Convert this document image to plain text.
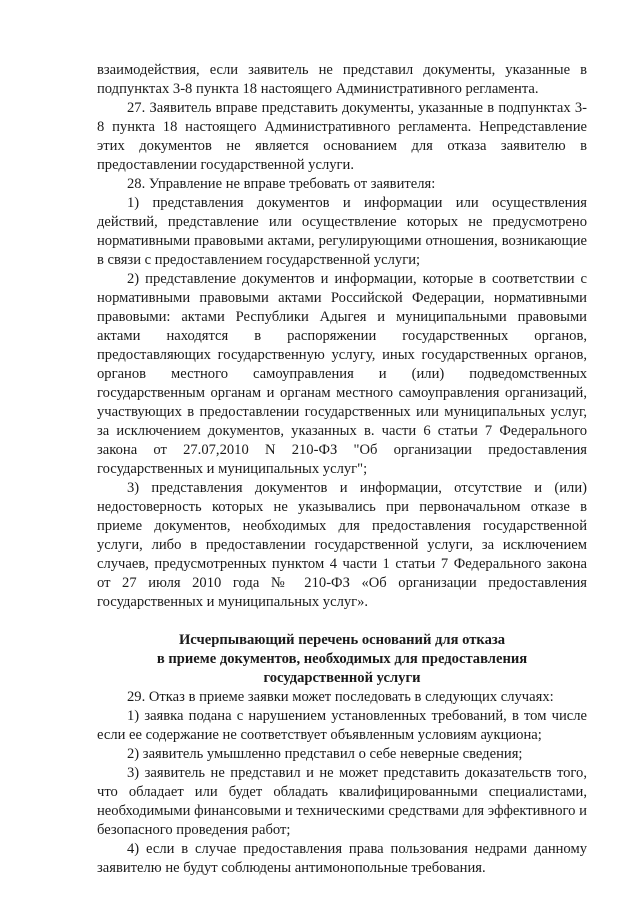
взаимодействия, если заявитель не представил документы, указанные в подпунктах 3-8 пункта 18 настоящего Административного регламента.

27. Заявитель вправе представить документы, указанные в подпунктах 3-8 пункта 18 настоящего Административного регламента. Непредставление этих документов не является основанием для отказа заявителю в предоставлении государственной услуги.

28. Управление не вправе требовать от заявителя:

1) представления документов и информации или осуществления действий, представление или осуществление которых не предусмотрено нормативными правовыми актами, регулирующими отношения, возникающие в связи с предоставлением государственной услуги;

2) представление документов и информации, которые в соответствии с нормативными правовыми актами Российской Федерации, нормативными правовыми: актами Республики Адыгея и муниципальными правовыми актами находятся в распоряжении государственных органов, предоставляющих государственную услугу, иных государственных органов, органов местного самоуправления и (или) подведомственных государственным органам и органам местного самоуправления организаций, участвующих в предоставлении государственных или муниципальных услуг, за исключением документов, указанных в. части 6 статьи 7 Федерального закона от 27.07,2010 N 210-ФЗ "Об организации предоставления государственных и муниципальных услуг";

3) представления документов и информации, отсутствие и (или) недостоверность которых не указывались при первоначальном отказе в приеме документов, необходимых для предоставления государственной услуги, либо в предоставлении государственной услуги, за исключением случаев, предусмотренных пунктом 4 части 1 статьи 7 Федерального закона от 27 июля 2010 года № 210-ФЗ «Об организации предоставления государственных и муниципальных услуг».

Исчерпывающий перечень оснований для отказа

в приеме документов, необходимых для предоставления

государственной услуги

29. Отказ в приеме заявки может последовать в следующих случаях:

1) заявка подана с нарушением установленных требований, в том числе если ее содержание не соответствует объявленным условиям аукциона;

2) заявитель умышленно представил о себе неверные сведения;

3) заявитель не представил и не может представить доказательств того, что обладает или будет обладать квалифицированными специалистами, необходимыми финансовыми и техническими средствами для эффективного и безопасного проведения работ;

4) если в случае предоставления права пользования недрами данному заявителю не будут соблюдены антимонопольные требования.
